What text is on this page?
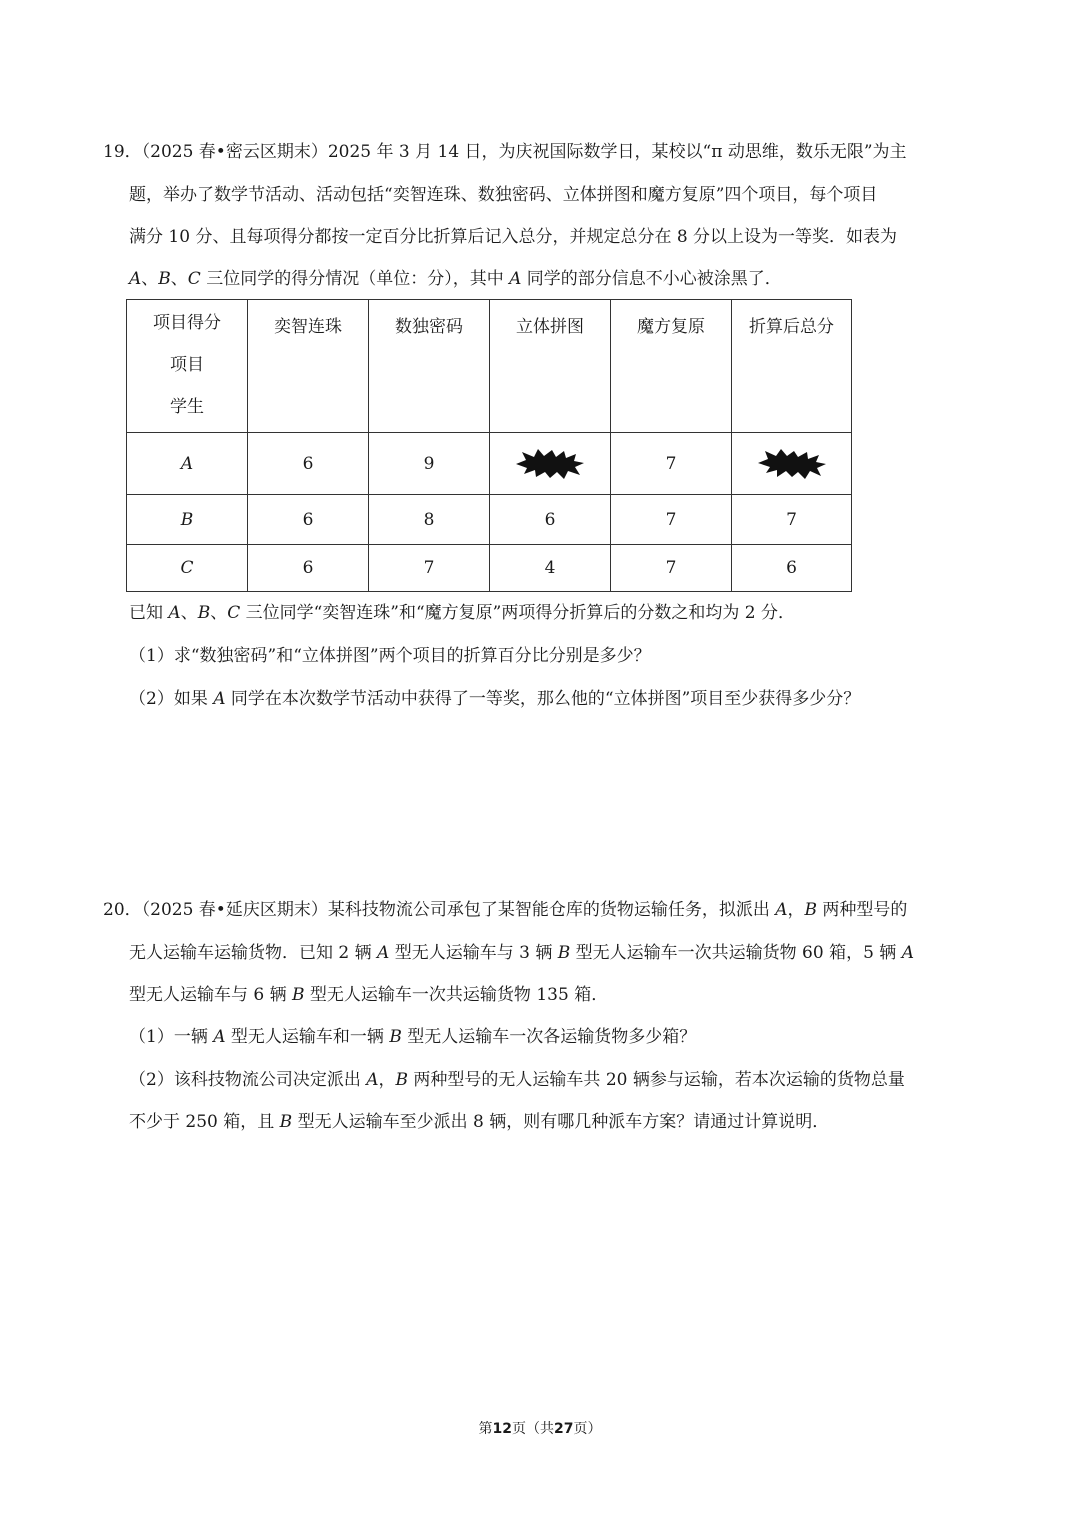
19．（2025 春•密云区期末）2025 年 3 月 14 日，为庆祝国际数学日，某校以“π 动思维，数乐无限”为主
题，举办了数学节活动、活动包括“奕智连珠、数独密码、立体拼图和魔方复原”四个项目，每个项目
满分 10 分、且每项得分都按一定百分比折算后记入总分，并规定总分在 8 分以上设为一等奖．如表为
A、B、C 三位同学的得分情况（单位：分），其中 A 同学的部分信息不小心被涂黑了．
项目得分
项目
学生	奕智连珠	数独密码	立体拼图	魔方复原	折算后总分
A	6	9		7	
B	6	8	6	7	7
C	6	7	4	7	6
已知 A、B、C 三位同学“奕智连珠”和“魔方复原”两项得分折算后的分数之和均为 2 分．
（1）求“数独密码”和“立体拼图”两个项目的折算百分比分别是多少？
（2）如果 A 同学在本次数学节活动中获得了一等奖，那么他的“立体拼图”项目至少获得多少分？
20．（2025 春•延庆区期末）某科技物流公司承包了某智能仓库的货物运输任务，拟派出 A，B 两种型号的
无人运输车运输货物．已知 2 辆 A 型无人运输车与 3 辆 B 型无人运输车一次共运输货物 60 箱，5 辆 A
型无人运输车与 6 辆 B 型无人运输车一次共运输货物 135 箱．
（1）一辆 A 型无人运输车和一辆 B 型无人运输车一次各运输货物多少箱？
（2）该科技物流公司决定派出 A，B 两种型号的无人运输车共 20 辆参与运输，若本次运输的货物总量
不少于 250 箱，且 B 型无人运输车至少派出 8 辆，则有哪几种派车方案？请通过计算说明．
第12页（共27页）
